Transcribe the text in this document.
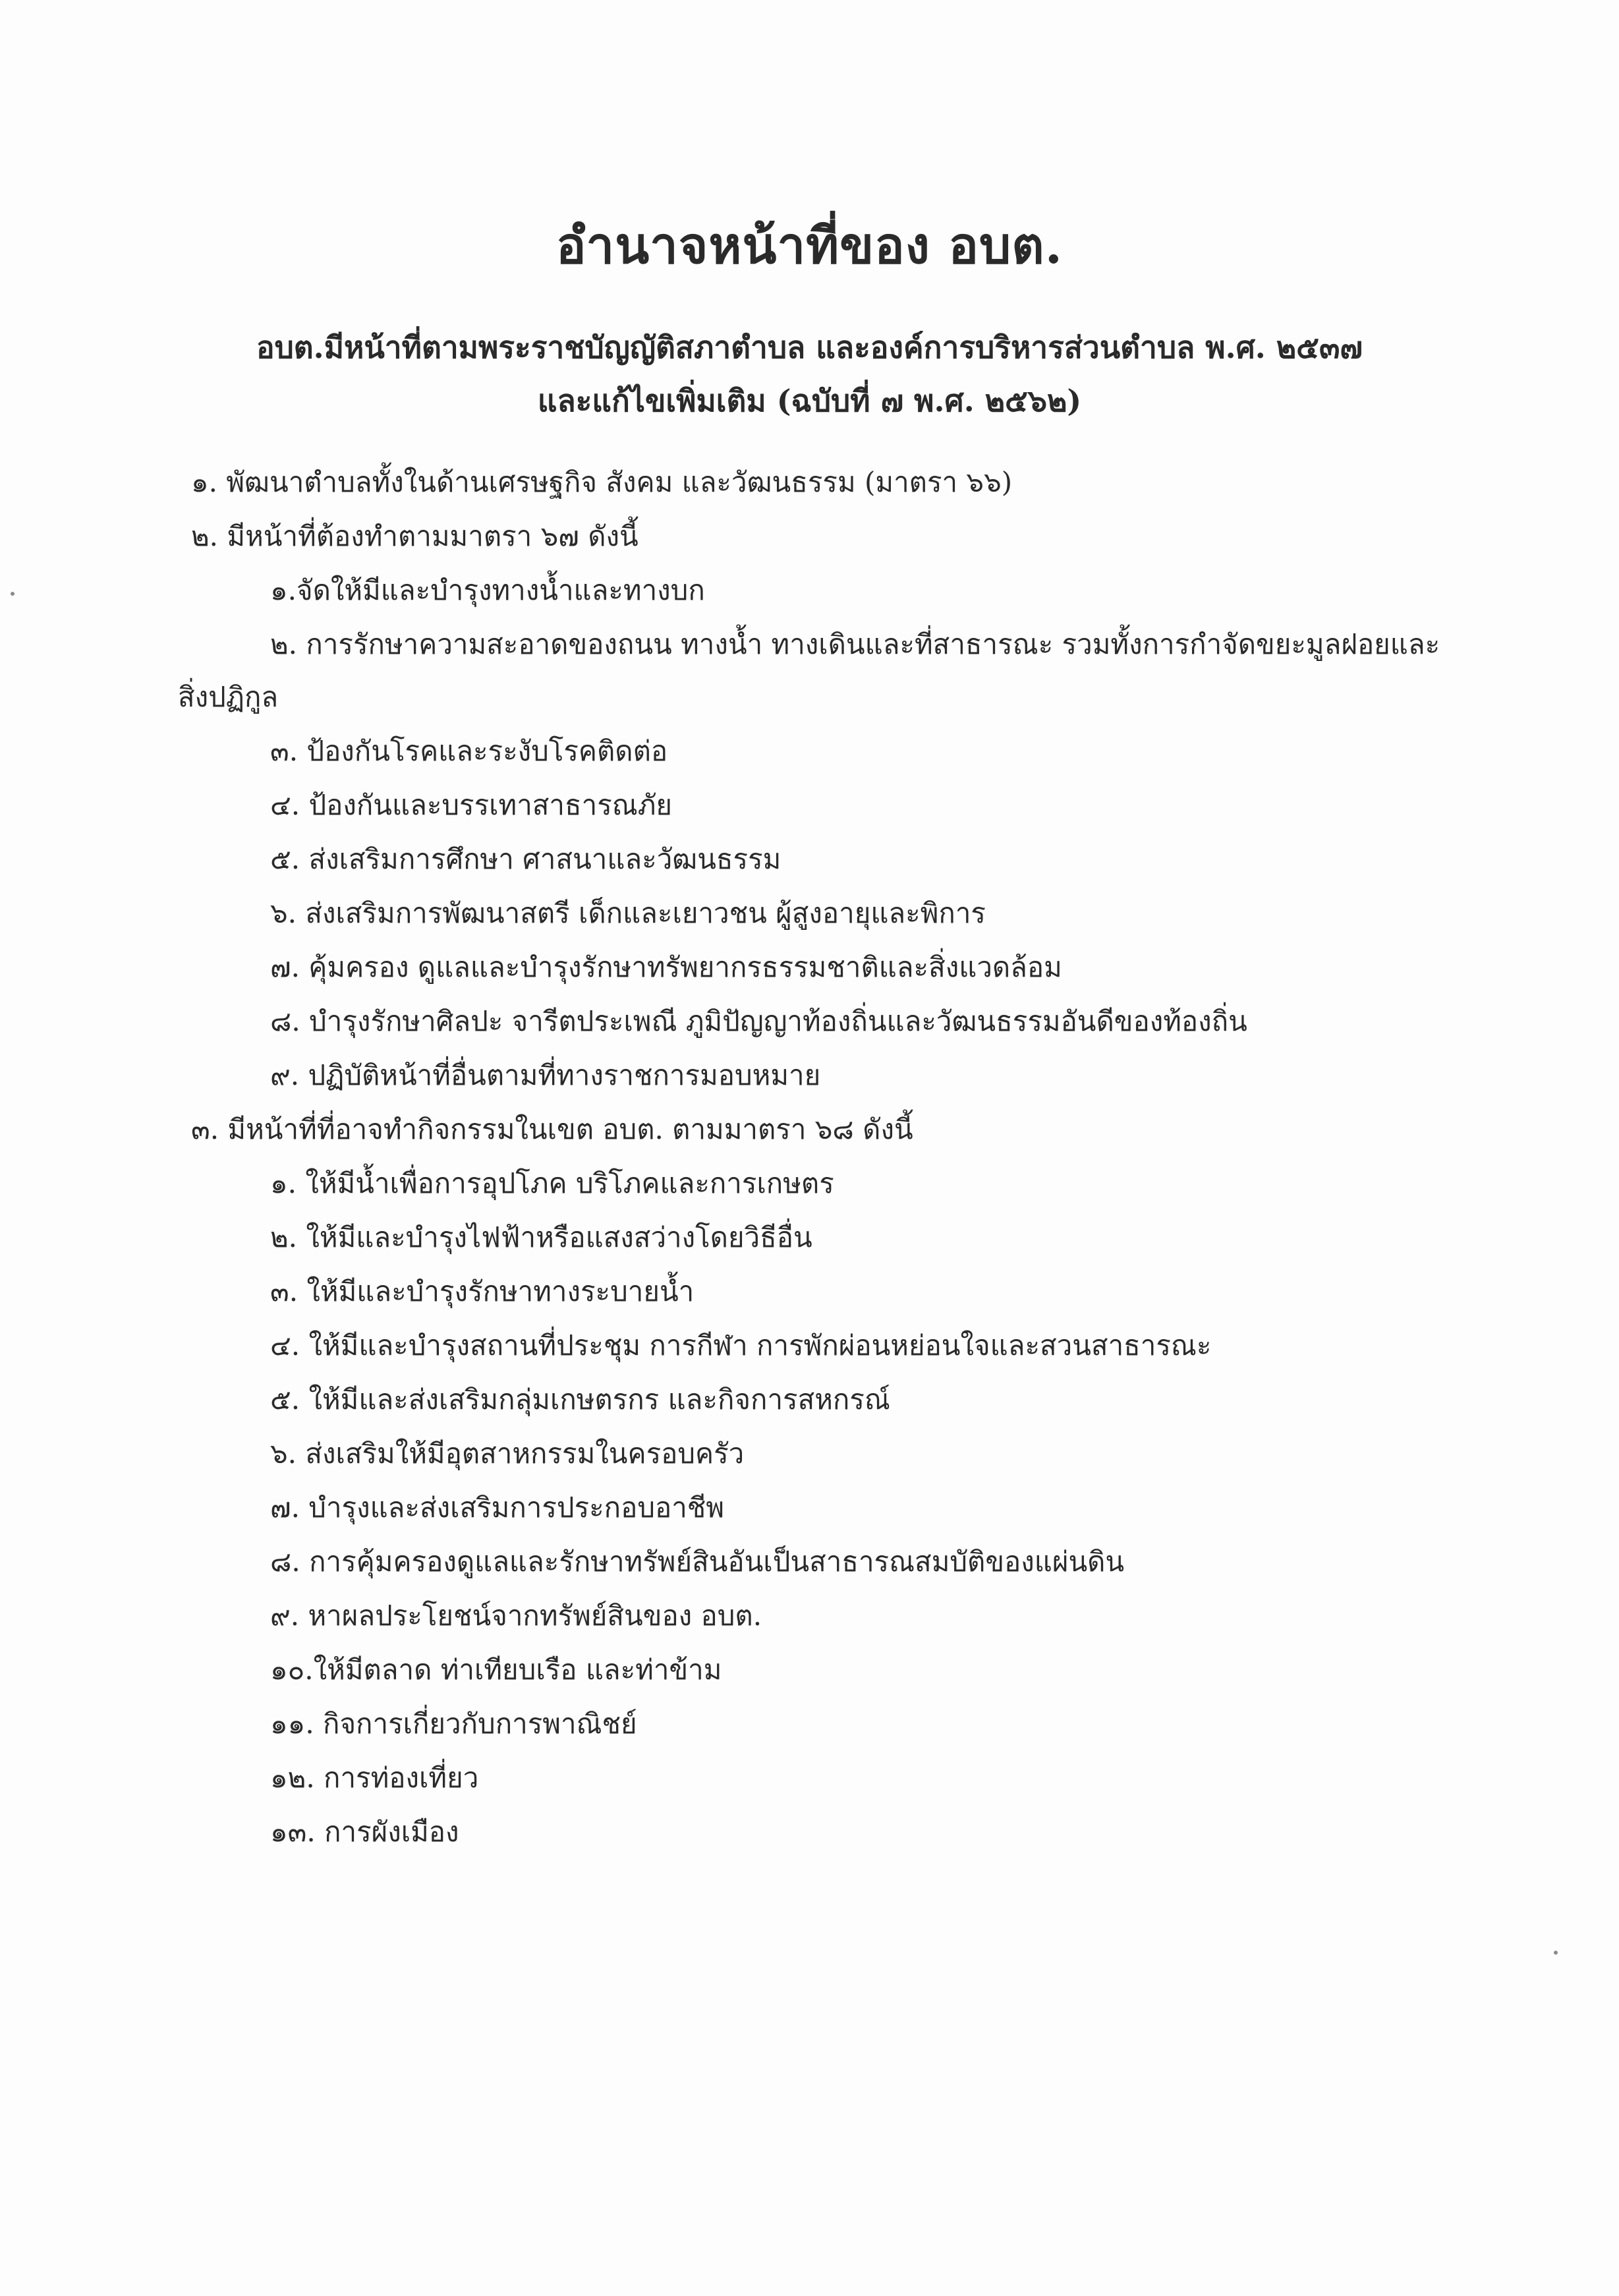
อำนาจหน้าที่ของ อบต.
อบต.มีหน้าที่ตามพระราชบัญญัติสภาตำบล และองค์การบริหารส่วนตำบล พ.ศ. ๒๕๓๗
และแก้ไขเพิ่มเติม (ฉบับที่ ๗ พ.ศ. ๒๕๖๒)
๑. พัฒนาตำบลทั้งในด้านเศรษฐกิจ สังคม และวัฒนธรรม (มาตรา ๖๖)
๒. มีหน้าที่ต้องทำตามมาตรา ๖๗ ดังนี้
๑.จัดให้มีและบำรุงทางน้ำและทางบก
๒. การรักษาความสะอาดของถนน ทางน้ำ ทางเดินและที่สาธารณะ รวมทั้งการกำจัดขยะมูลฝอยและ
สิ่งปฏิกูล
๓. ป้องกันโรคและระงับโรคติดต่อ
๔. ป้องกันและบรรเทาสาธารณภัย
๕. ส่งเสริมการศึกษา ศาสนาและวัฒนธรรม
๖. ส่งเสริมการพัฒนาสตรี เด็กและเยาวชน ผู้สูงอายุและพิการ
๗. คุ้มครอง ดูแลและบำรุงรักษาทรัพยากรธรรมชาติและสิ่งแวดล้อม
๘. บำรุงรักษาศิลปะ จารีตประเพณี ภูมิปัญญาท้องถิ่นและวัฒนธรรมอันดีของท้องถิ่น
๙. ปฏิบัติหน้าที่อื่นตามที่ทางราชการมอบหมาย
๓. มีหน้าที่ที่อาจทำกิจกรรมในเขต อบต. ตามมาตรา ๖๘ ดังนี้
๑. ให้มีน้ำเพื่อการอุปโภค บริโภคและการเกษตร
๒. ให้มีและบำรุงไฟฟ้าหรือแสงสว่างโดยวิธีอื่น
๓. ให้มีและบำรุงรักษาทางระบายน้ำ
๔. ให้มีและบำรุงสถานที่ประชุม การกีฬา การพักผ่อนหย่อนใจและสวนสาธารณะ
๕. ให้มีและส่งเสริมกลุ่มเกษตรกร และกิจการสหกรณ์
๖. ส่งเสริมให้มีอุตสาหกรรมในครอบครัว
๗. บำรุงและส่งเสริมการประกอบอาชีพ
๘. การคุ้มครองดูแลและรักษาทรัพย์สินอันเป็นสาธารณสมบัติของแผ่นดิน
๙. หาผลประโยชน์จากทรัพย์สินของ อบต.
๑๐.ให้มีตลาด ท่าเทียบเรือ และท่าข้าม
๑๑. กิจการเกี่ยวกับการพาณิชย์
๑๒. การท่องเที่ยว
๑๓. การผังเมือง
